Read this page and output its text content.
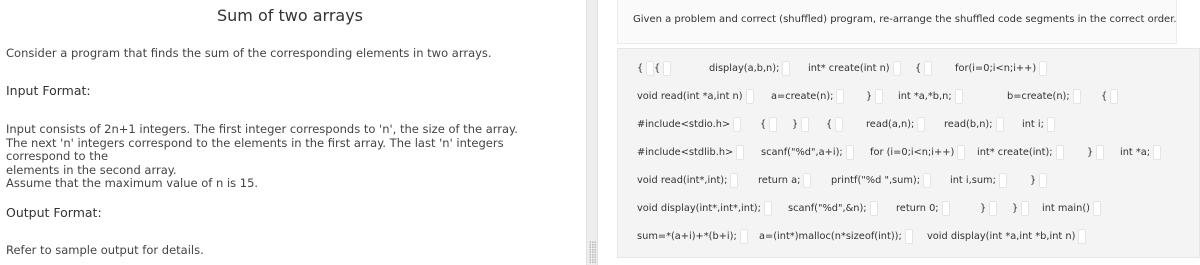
Sum of two arrays

Consider a program that finds the sum of the corresponding elements in two arrays.

Input Format:

Input consists of 2n+1 integers. The first integer corresponds to 'n', the size of the array.
The next 'n' integers correspond to the elements in the first array. The last 'n' integers correspond to the
elements in the second array.
Assume that the maximum value of n is 15.

Output Format:

Refer to sample output for details.

Given a problem and correct (shuffled) program, re-arrange the shuffled code segments in the correct order.
{	{	display(a,b,n);	int* create(int n)	{	for(i=0;i<n;i++)
void read(int *a,int n)	a=create(n);	}	int *a,*b,n;	b=create(n);	{
#include<stdio.h>	{	}	{	read(a,n);	read(b,n);	int i;
#include<stdlib.h>	scanf("%d",a+i);	for (i=0;i<n;i++)	int* create(int);	}	int *a;
void read(int*,int);	return a;	printf("%d ",sum);	int i,sum;	}
void display(int*,int*,int);	scanf("%d",&n);	return 0;	}	}	int main()
sum=*(a+i)+*(b+i);	a=(int*)malloc(n*sizeof(int));	void display(int *a,int *b,int n)
